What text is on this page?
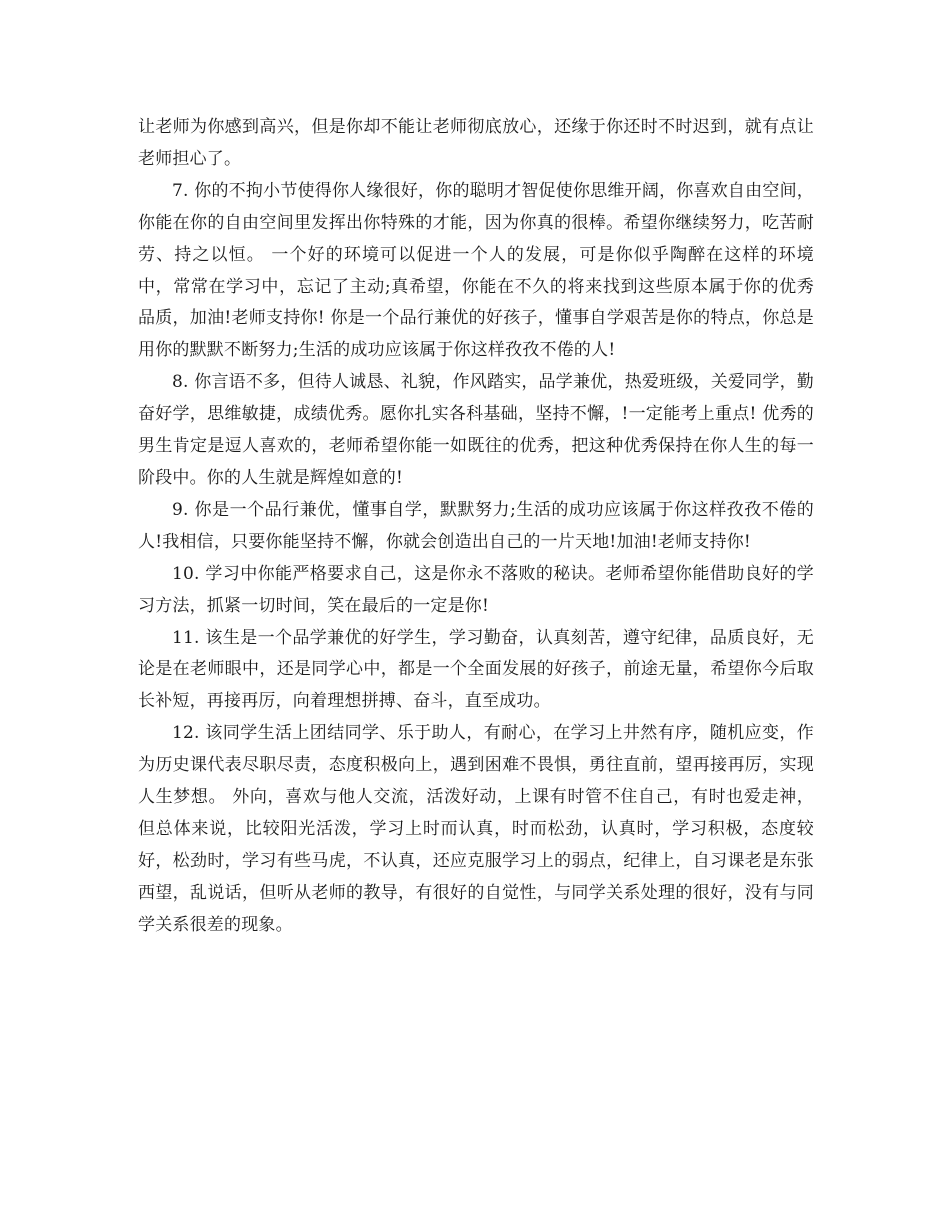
让老师为你感到高兴，但是你却不能让老师彻底放心，还缘于你还时不时迟到，就有点让老师担心了。

7. 你的不拘小节使得你人缘很好，你的聪明才智促使你思维开阔，你喜欢自由空间，你能在你的自由空间里发挥出你特殊的才能，因为你真的很棒。希望你继续努力，吃苦耐劳、持之以恒。 一个好的环境可以促进一个人的发展，可是你似乎陶醉在这样的环境中，常常在学习中，忘记了主动;真希望，你能在不久的将来找到这些原本属于你的优秀品质，加油!老师支持你! 你是一个品行兼优的好孩子，懂事自学艰苦是你的特点，你总是用你的默默不断努力;生活的成功应该属于你这样孜孜不倦的人!

8. 你言语不多，但待人诚恳、礼貌，作风踏实，品学兼优，热爱班级，关爱同学，勤奋好学，思维敏捷，成绩优秀。愿你扎实各科基础，坚持不懈，!一定能考上重点! 优秀的男生肯定是逗人喜欢的，老师希望你能一如既往的优秀，把这种优秀保持在你人生的每一阶段中。你的人生就是辉煌如意的!

9. 你是一个品行兼优，懂事自学，默默努力;生活的成功应该属于你这样孜孜不倦的人!我相信，只要你能坚持不懈，你就会创造出自己的一片天地!加油!老师支持你!

10. 学习中你能严格要求自己，这是你永不落败的秘诀。老师希望你能借助良好的学习方法，抓紧一切时间，笑在最后的一定是你!

11. 该生是一个品学兼优的好学生，学习勤奋，认真刻苦，遵守纪律，品质良好，无论是在老师眼中，还是同学心中，都是一个全面发展的好孩子，前途无量，希望你今后取长补短，再接再厉，向着理想拼搏、奋斗，直至成功。

12. 该同学生活上团结同学、乐于助人，有耐心，在学习上井然有序，随机应变，作为历史课代表尽职尽责，态度积极向上，遇到困难不畏惧，勇往直前，望再接再厉，实现人生梦想。 外向，喜欢与他人交流，活泼好动，上课有时管不住自己，有时也爱走神，但总体来说，比较阳光活泼，学习上时而认真，时而松劲，认真时，学习积极，态度较好，松劲时，学习有些马虎，不认真，还应克服学习上的弱点，纪律上，自习课老是东张西望，乱说话，但听从老师的教导，有很好的自觉性，与同学关系处理的很好，没有与同学关系很差的现象。
